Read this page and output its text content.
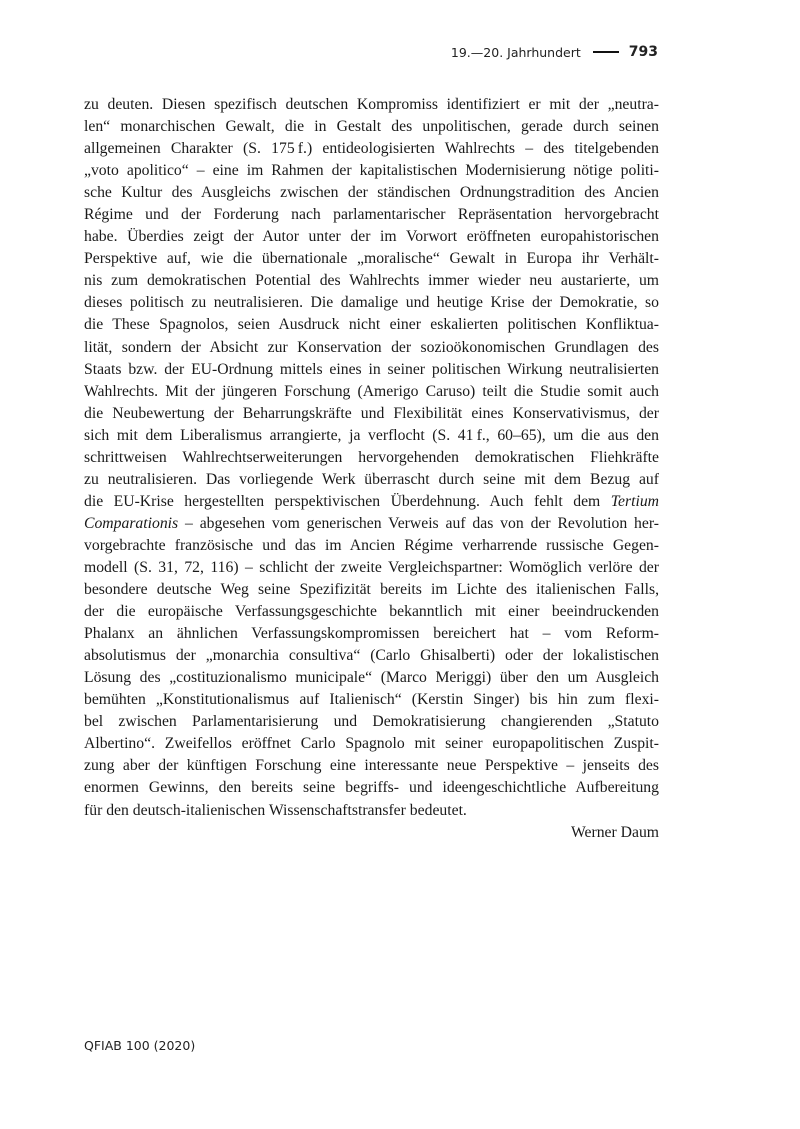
19.—20. Jahrhundert	793
zu deuten. Diesen spezifisch deutschen Kompromiss identifiziert er mit der „neutra-
len“ monarchischen Gewalt, die in Gestalt des unpolitischen, gerade durch seinen
allgemeinen Charakter (S. 175 f.) entideologisierten Wahlrechts – des titelgebenden
„voto apolitico“ – eine im Rahmen der kapitalistischen Modernisierung nötige politi-
sche Kultur des Ausgleichs zwischen der ständischen Ordnungstradition des Ancien
Régime und der Forderung nach parlamentarischer Repräsentation hervorgebracht
habe. Überdies zeigt der Autor unter der im Vorwort eröffneten europahistorischen
Perspektive auf, wie die übernationale „moralische“ Gewalt in Europa ihr Verhält-
nis zum demokratischen Potential des Wahlrechts immer wieder neu austarierte, um
dieses politisch zu neutralisieren. Die damalige und heutige Krise der Demokratie, so
die These Spagnolos, seien Ausdruck nicht einer eskalierten politischen Konfliktua-
lität, sondern der Absicht zur Konservation der sozioökonomischen Grundlagen des
Staats bzw. der EU-Ordnung mittels eines in seiner politischen Wirkung neutralisierten
Wahlrechts. Mit der jüngeren Forschung (Amerigo Caruso) teilt die Studie somit auch
die Neubewertung der Beharrungskräfte und Flexibilität eines Konservativismus, der
sich mit dem Liberalismus arrangierte, ja verflocht (S. 41 f., 60–65), um die aus den
schrittweisen Wahlrechtserweiterungen hervorgehenden demokratischen Fliehkräfte
zu neutralisieren. Das vorliegende Werk überrascht durch seine mit dem Bezug auf
die EU-Krise hergestellten perspektivischen Überdehnung. Auch fehlt dem Tertium
Comparationis – abgesehen vom generischen Verweis auf das von der Revolution her-
vorgebrachte französische und das im Ancien Régime verharrende russische Gegen-
modell (S. 31, 72, 116) – schlicht der zweite Vergleichspartner: Womöglich verlöre der
besondere deutsche Weg seine Spezifizität bereits im Lichte des italienischen Falls,
der die europäische Verfassungsgeschichte bekanntlich mit einer beeindruckenden
Phalanx an ähnlichen Verfassungskompromissen bereichert hat – vom Reform-
absolutismus der „monarchia consultiva“ (Carlo Ghisalberti) oder der lokalistischen
Lösung des „costituzionalismo municipale“ (Marco Meriggi) über den um Ausgleich
bemühten „Konstitutionalismus auf Italienisch“ (Kerstin Singer) bis hin zum flexi-
bel zwischen Parlamentarisierung und Demokratisierung changierenden „Statuto
Albertino“. Zweifellos eröffnet Carlo Spagnolo mit seiner europapolitischen Zuspit-
zung aber der künftigen Forschung eine interessante neue Perspektive – jenseits des
enormen Gewinns, den bereits seine begriffs- und ideengeschichtliche Aufbereitung
für den deutsch-italienischen Wissenschaftstransfer bedeutet.
Werner Daum
QFIAB 100 (2020)
